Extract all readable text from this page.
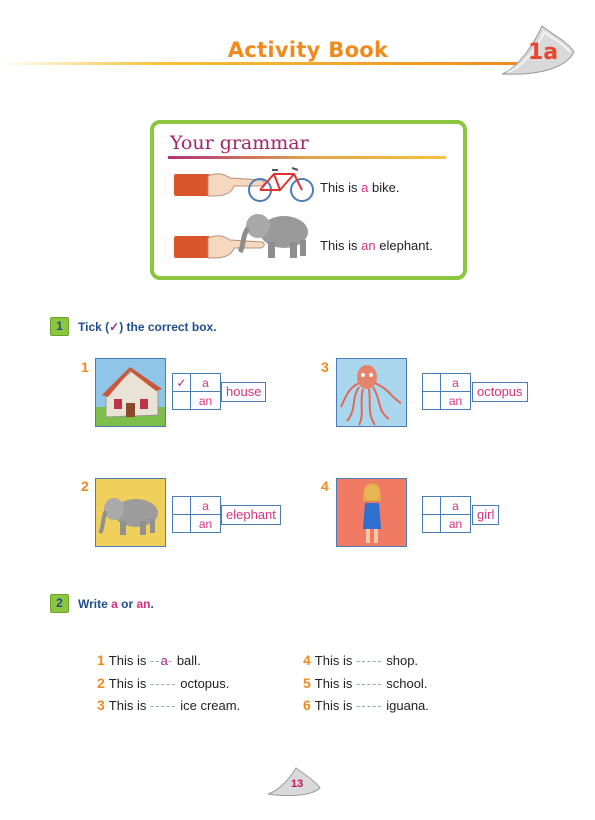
Activity Book	1a
Your grammar
This is a bike.
This is an elephant.
1	Tick (✓) the correct box.
1
✓	a
	an
house
3
	a
	an
octopus
2
	a
	an
elephant
4
	a
	an
girl
2	Write a or an.
1 This is --a- ball.
2 This is ----- octopus.
3 This is ----- ice cream.
4 This is ----- shop.
5 This is ----- school.
6 This is ----- iguana.
13
